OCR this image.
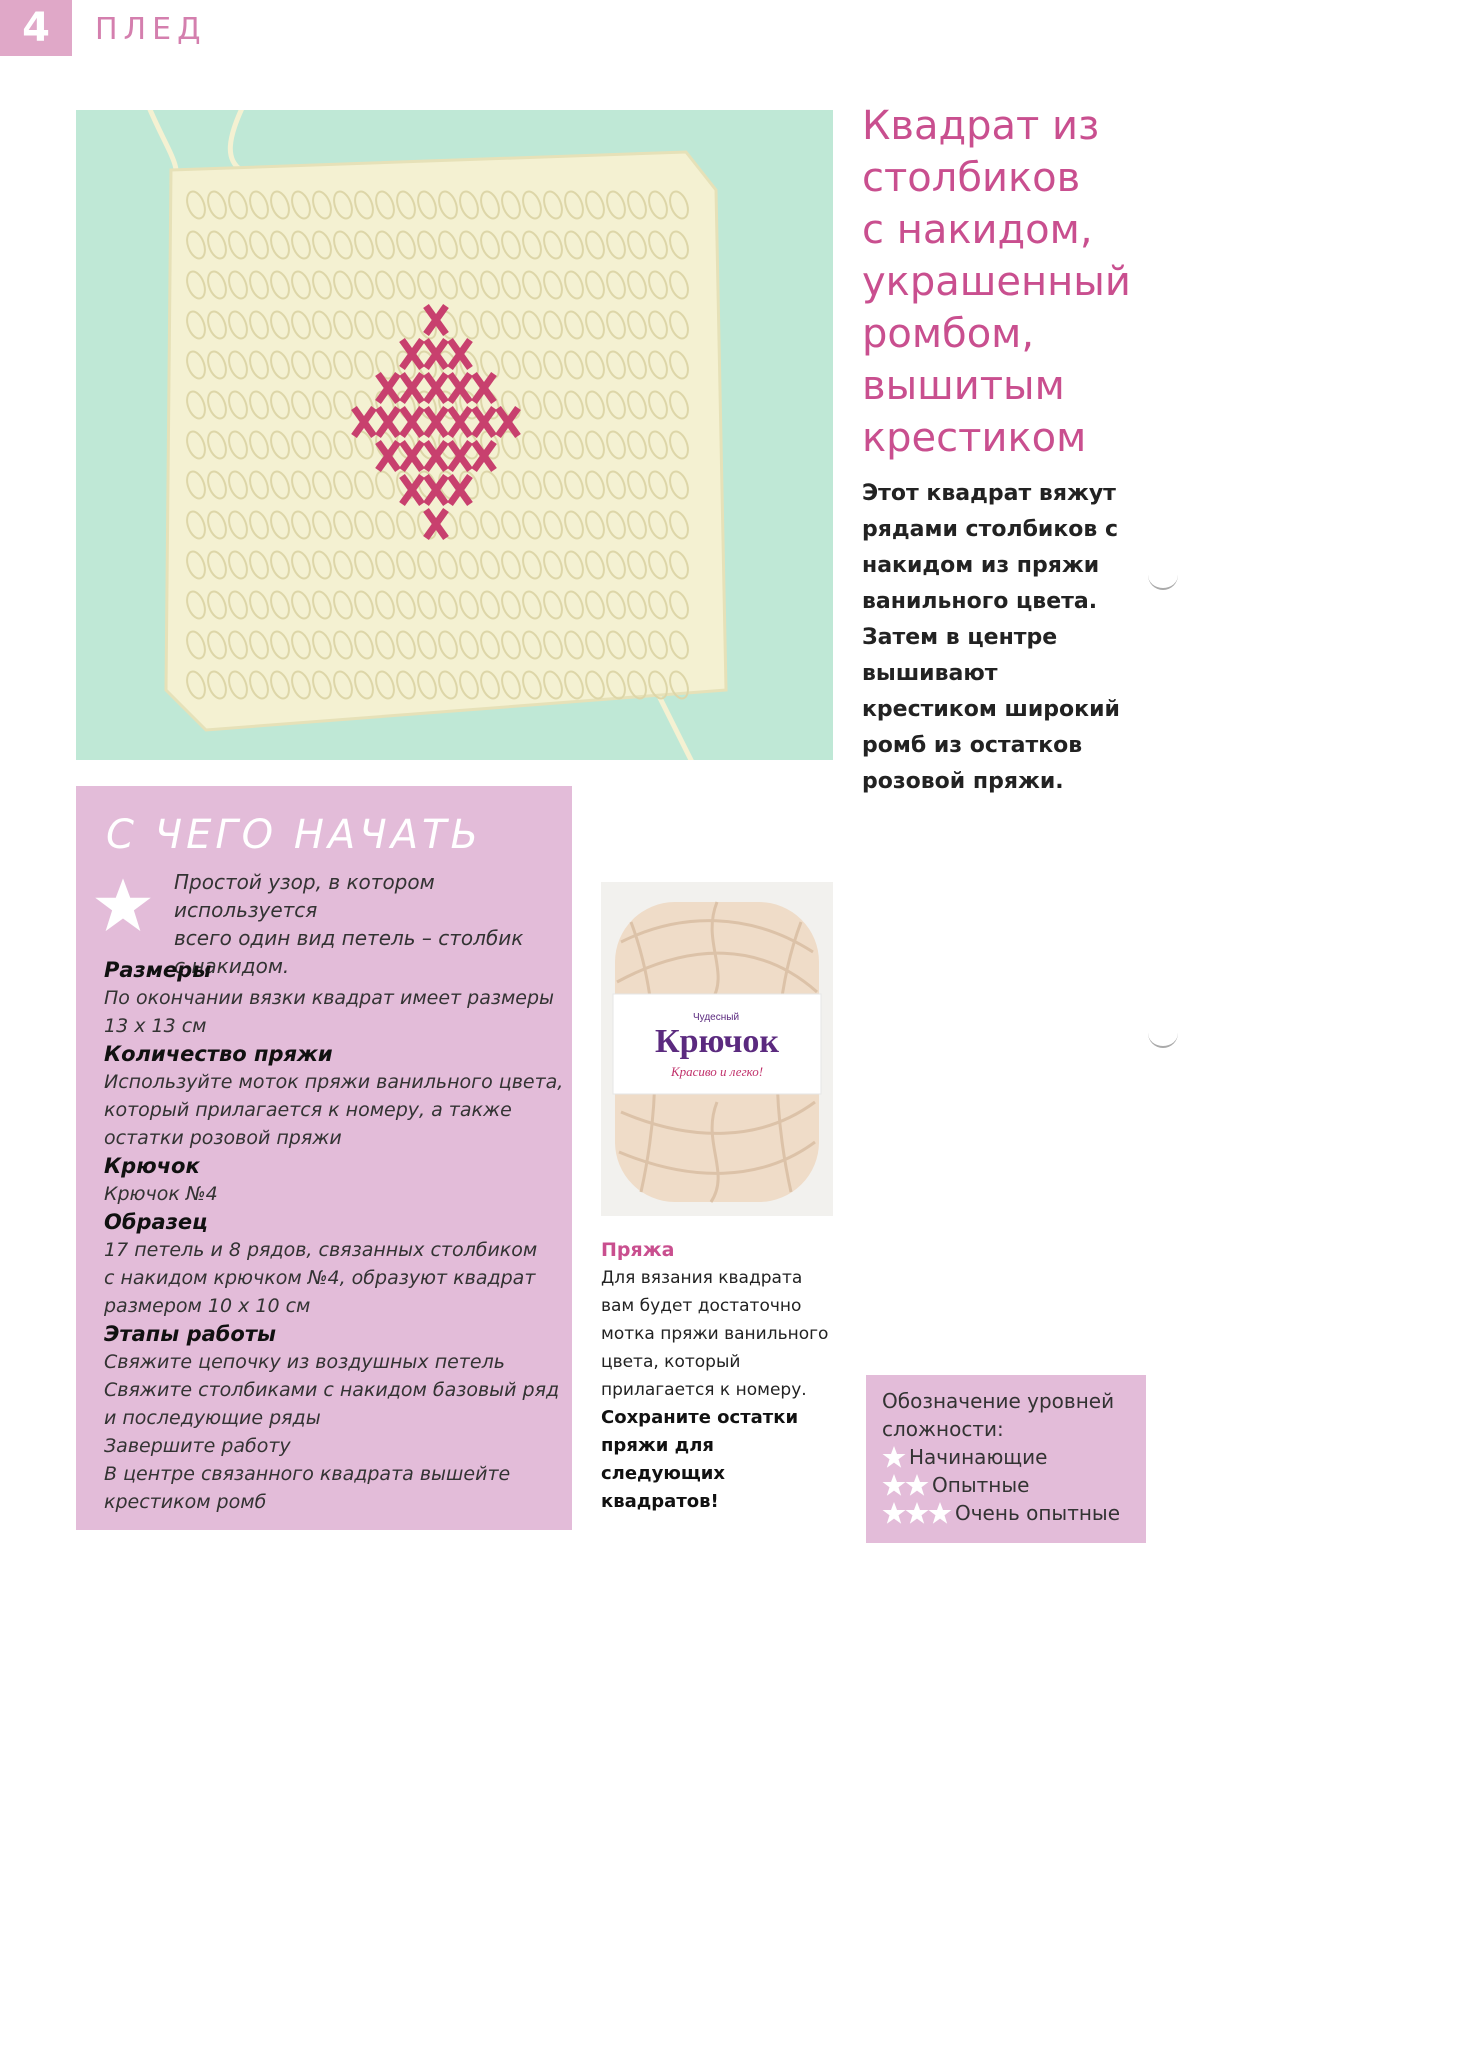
4	ПЛЕД
Квадрат из
столбиков
с накидом,
украшенный
ромбом,
вышитым
крестиком

Этот квадрат вяжут
рядами столбиков с
накидом из пряжи
ванильного цвета.
Затем в центре
вышивают
крестиком широкий
ромб из остатков
розовой пряжи.

С ЧЕГО НАЧАТЬ
Простой узор, в котором используется
всего один вид петель – столбик
с накидом.
Размеры
По окончании вязки квадрат имеет размеры
13 х 13 см
Количество пряжи
Используйте моток пряжи ванильного цвета,
который прилагается к номеру, а также
остатки розовой пряжи
Крючок
Крючок №4
Образец
17 петель и 8 рядов, связанных столбиком
с накидом крючком №4, образуют квадрат
размером 10 х 10 см
Этапы работы
Свяжите цепочку из воздушных петель
Свяжите столбиками с накидом базовый ряд
и последующие ряды
Завершите работу
В центре связанного квадрата вышейте
крестиком ромб
Чудесный
Крючок
Красиво и легко!
Пряжа
Для вязания квадрата
вам будет достаточно
мотка пряжи ванильного
цвета, который
прилагается к номеру.
Сохраните остатки
пряжи для
следующих
квадратов!
Обозначение уровней
сложности:
Начинающие
Опытные
Очень опытные
